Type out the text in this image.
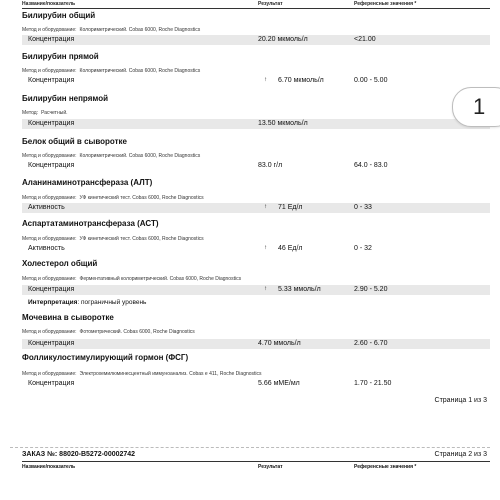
Название/показатель	Результат	Референсные значения *
Билирубин общий
Метод и оборудование: Колориметрический. Cobas 6000, Roche Diagnostics
Концентрация	20.20 мкмоль/л	<21.00
Билирубин прямой
Метод и оборудование: Колориметрический. Cobas 6000, Roche Diagnostics
Концентрация	↑ 6.70 мкмоль/л	0.00 - 5.00
Билирубин непрямой
Метод: Расчетный.
Концентрация	13.50 мкмоль/л
Белок общий в сыворотке
Метод и оборудование: Колориметрический. Cobas 6000, Roche Diagnostics
Концентрация	83.0 г/л	64.0 - 83.0
Аланинаминотрансфераза (АЛТ)
Метод и оборудование: УФ кинетический тест. Cobas 6000, Roche Diagnostics
Активность	↑ 71 Ед/л	0 - 33
Аспартатаминотрансфераза (АСТ)
Метод и оборудование: УФ кинетический тест. Cobas 6000, Roche Diagnostics
Активность	↑ 46 Ед/л	0 - 32
Холестерол общий
Метод и оборудование: Ферментативный колориметрический. Cobas 6000, Roche Diagnostics
Концентрация	↑ 5.33 ммоль/л	2.90 - 5.20
Интерпретация: пограничный уровень
Мочевина в сыворотке
Метод и оборудование: Фотометрический. Cobas 6000, Roche Diagnostics
Концентрация	4.70 ммоль/л	2.60 - 6.70
Фолликулостимулирующий гормон (ФСГ)
Метод и оборудование: Электрохемилюминесцентный иммуноанализ. Cobas e 411, Roche Diagnostics
Концентрация	5.66 мМЕ/мл	1.70 - 21.50
Страница 1 из 3
ЗАКАЗ №: 88020-B5272-00002742	Страница 2 из 3
Название/показатель	Результат	Референсные значения *
1
